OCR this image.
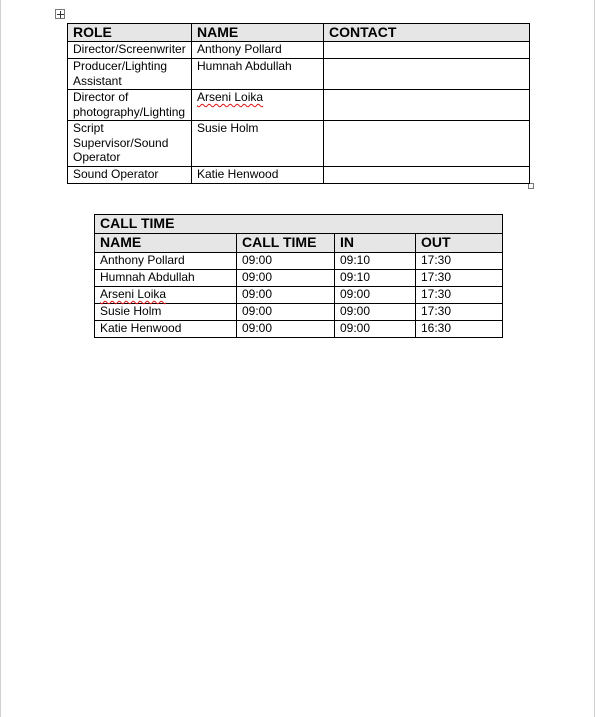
ROLE	NAME	CONTACT
Director/Screenwriter	Anthony Pollard	
Producer/Lighting Assistant	Humnah Abdullah	
Director of photography/Lighting	Arseni Loika	
Script Supervisor/Sound Operator	Susie Holm	
Sound Operator	Katie Henwood	
CALL TIME			
NAME	CALL TIME	IN	OUT
Anthony Pollard	09:00	09:10	17:30
Humnah Abdullah	09:00	09:10	17:30
Arseni Loika	09:00	09:00	17:30
Susie Holm	09:00	09:00	17:30
Katie Henwood	09:00	09:00	16:30
